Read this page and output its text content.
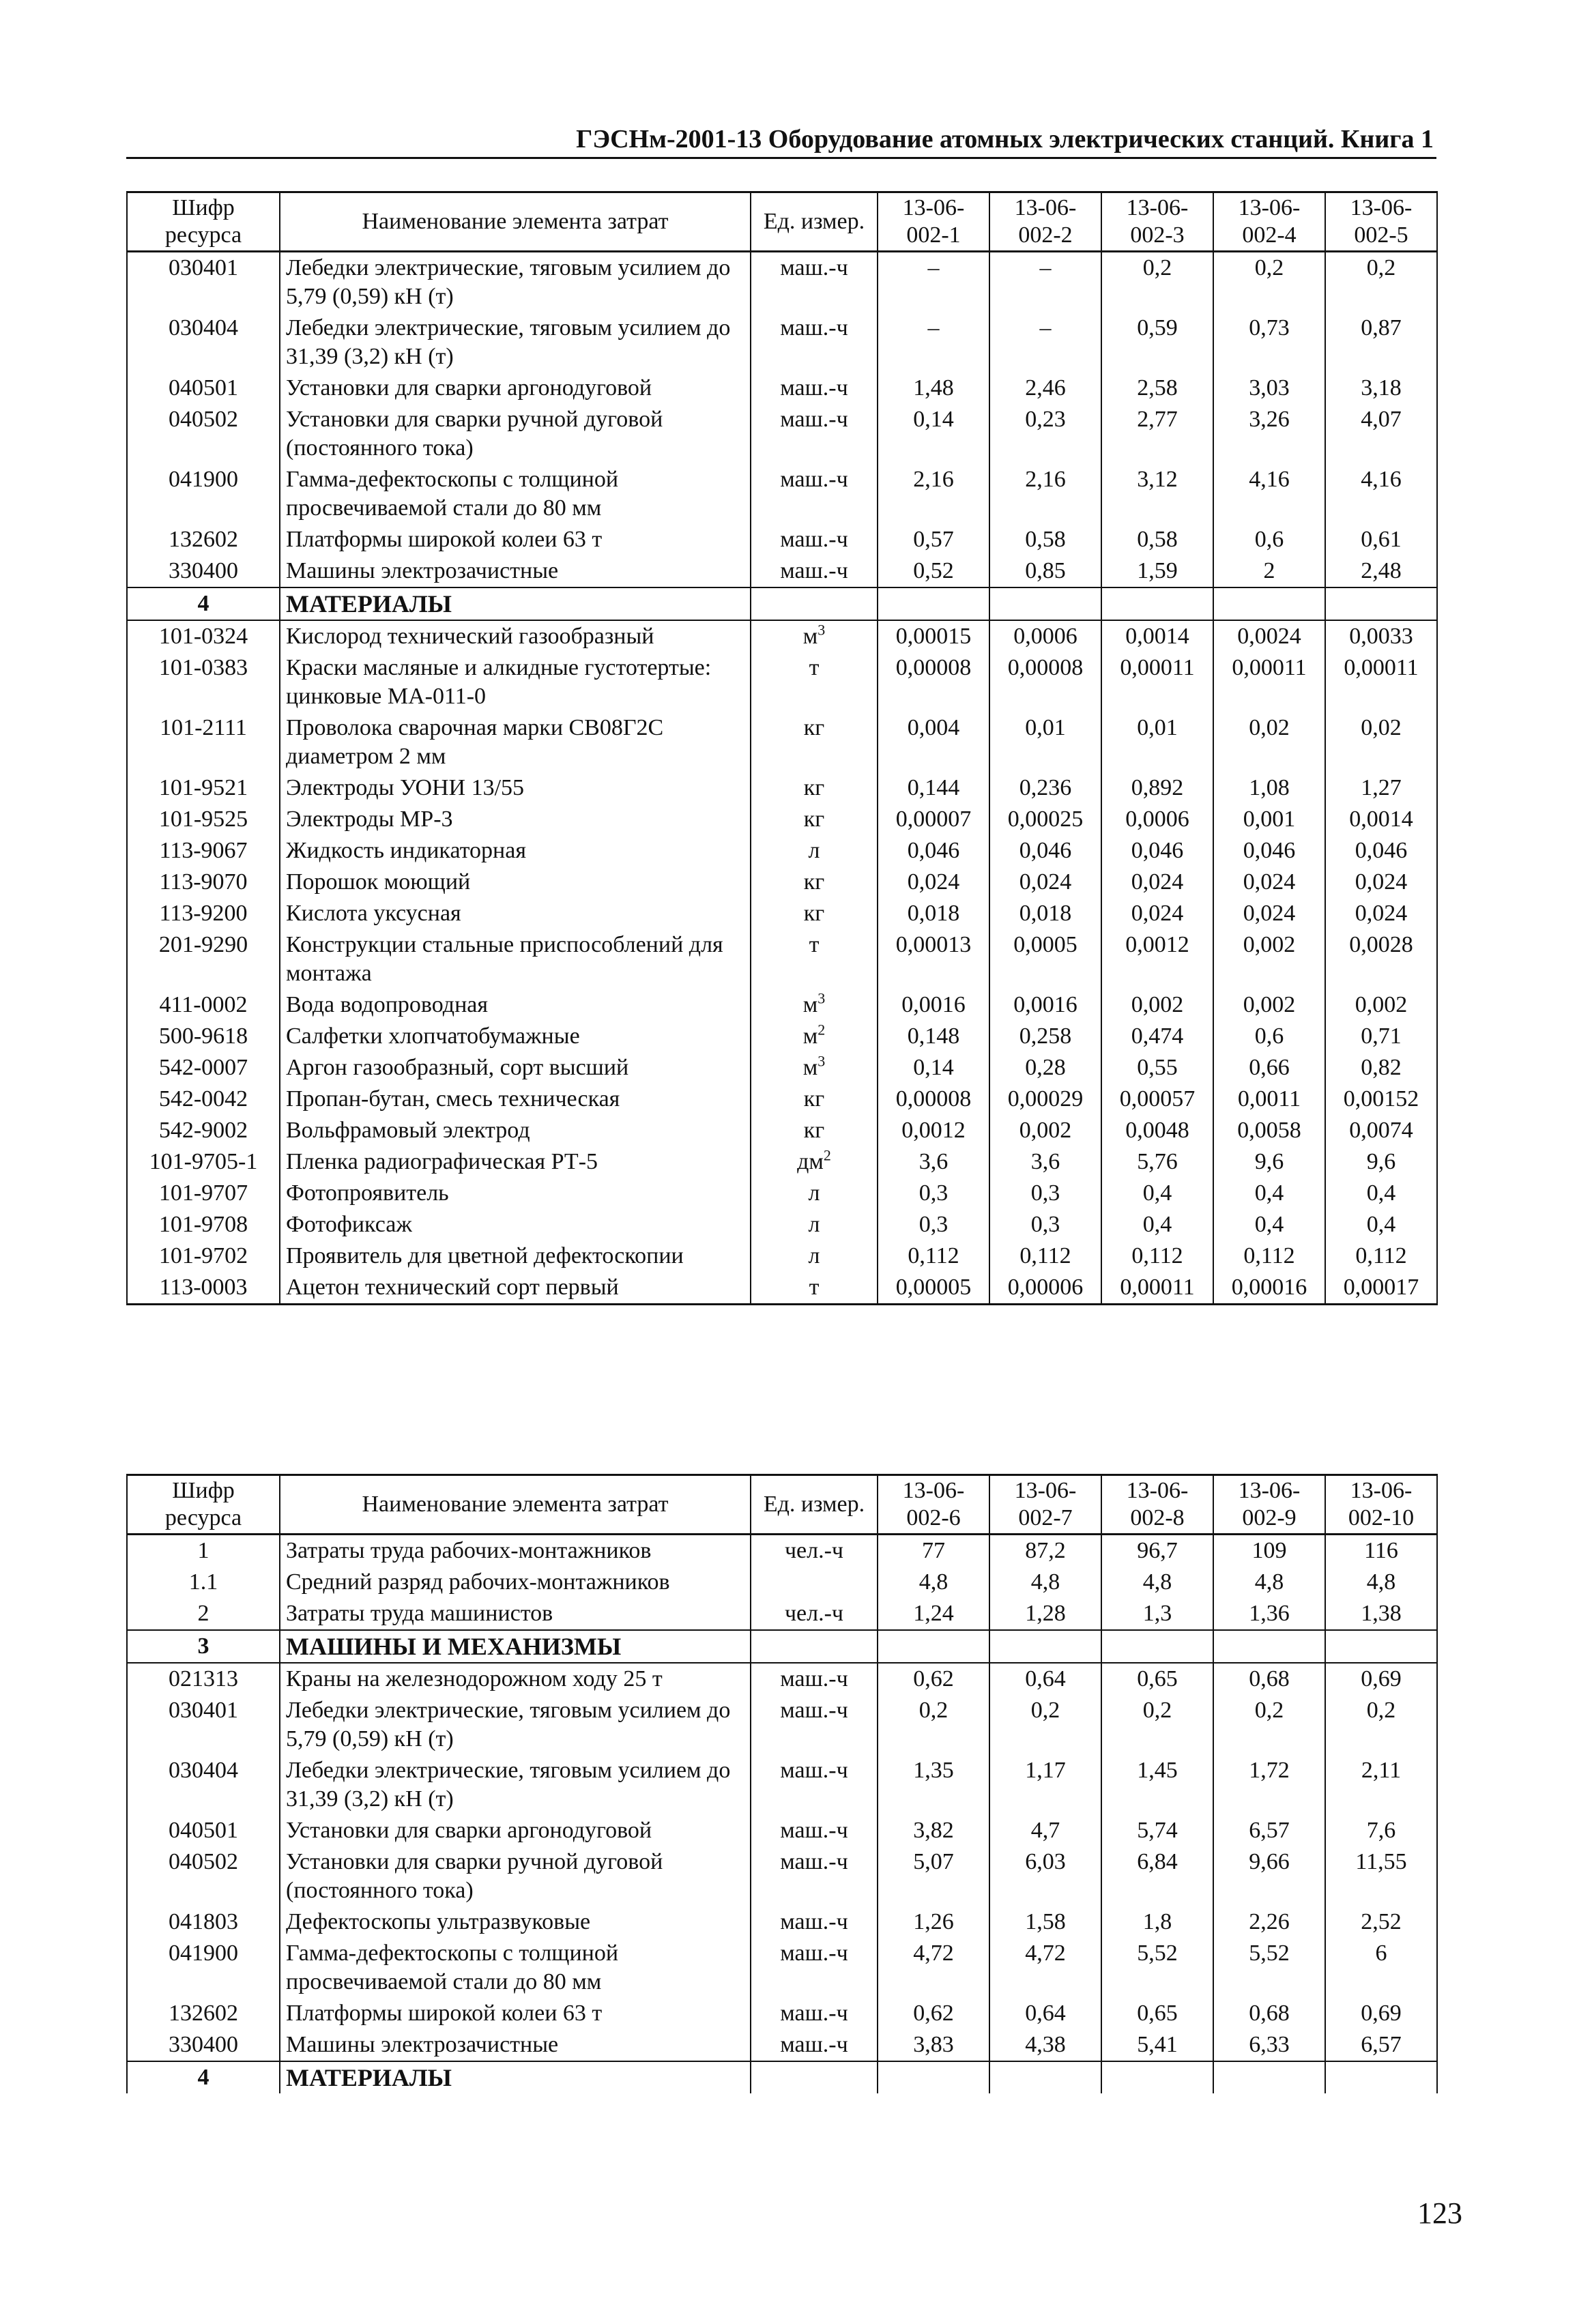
ГЭСНм-2001-13 Оборудование атомных электрических станций. Книга 1
Шифр ресурса	Наименование элемента затрат	Ед. измер.	13-06-002-1	13-06-002-2	13-06-002-3	13-06-002-4	13-06-002-5
030401	Лебедки электрические, тяговым усилием до 5,79 (0,59) кН (т)	маш.-ч	–	–	0,2	0,2	0,2
030404	Лебедки электрические, тяговым усилием до 31,39 (3,2) кН (т)	маш.-ч	–	–	0,59	0,73	0,87
040501	Установки для сварки аргонодуговой	маш.-ч	1,48	2,46	2,58	3,03	3,18
040502	Установки для сварки ручной дуговой (постоянного тока)	маш.-ч	0,14	0,23	2,77	3,26	4,07
041900	Гамма-дефектоскопы с толщиной просвечиваемой стали до 80 мм	маш.-ч	2,16	2,16	3,12	4,16	4,16
132602	Платформы широкой колеи 63 т	маш.-ч	0,57	0,58	0,58	0,6	0,61
330400	Машины электрозачистные	маш.-ч	0,52	0,85	1,59	2	2,48
4	МАТЕРИАЛЫ						
101-0324	Кислород технический газообразный	$м^3$	0,00015	0,0006	0,0014	0,0024	0,0033
101-0383	Краски масляные и алкидные густотертые: цинковые МА-011-0	т	0,00008	0,00008	0,00011	0,00011	0,00011
101-2111	Проволока сварочная марки СВ08Г2С диаметром 2 мм	кг	0,004	0,01	0,01	0,02	0,02
101-9521	Электроды УОНИ 13/55	кг	0,144	0,236	0,892	1,08	1,27
101-9525	Электроды МР-3	кг	0,00007	0,00025	0,0006	0,001	0,0014
113-9067	Жидкость индикаторная	л	0,046	0,046	0,046	0,046	0,046
113-9070	Порошок моющий	кг	0,024	0,024	0,024	0,024	0,024
113-9200	Кислота уксусная	кг	0,018	0,018	0,024	0,024	0,024
201-9290	Конструкции стальные приспособлений для монтажа	т	0,00013	0,0005	0,0012	0,002	0,0028
411-0002	Вода водопроводная	$м^3$	0,0016	0,0016	0,002	0,002	0,002
500-9618	Салфетки хлопчатобумажные	$м^2$	0,148	0,258	0,474	0,6	0,71
542-0007	Аргон газообразный, сорт высший	$м^3$	0,14	0,28	0,55	0,66	0,82
542-0042	Пропан-бутан, смесь техническая	кг	0,00008	0,00029	0,00057	0,0011	0,00152
542-9002	Вольфрамовый электрод	кг	0,0012	0,002	0,0048	0,0058	0,0074
101-9705-1	Пленка радиографическая РТ-5	$дм^2$	3,6	3,6	5,76	9,6	9,6
101-9707	Фотопроявитель	л	0,3	0,3	0,4	0,4	0,4
101-9708	Фотофиксаж	л	0,3	0,3	0,4	0,4	0,4
101-9702	Проявитель для цветной дефектоскопии	л	0,112	0,112	0,112	0,112	0,112
113-0003	Ацетон технический сорт первый	т	0,00005	0,00006	0,00011	0,00016	0,00017
Шифр ресурса	Наименование элемента затрат	Ед. измер.	13-06-002-6	13-06-002-7	13-06-002-8	13-06-002-9	13-06-002-10
1	Затраты труда рабочих-монтажников	чел.-ч	77	87,2	96,7	109	116
1.1	Средний разряд рабочих-монтажников		4,8	4,8	4,8	4,8	4,8
2	Затраты труда машинистов	чел.-ч	1,24	1,28	1,3	1,36	1,38
3	МАШИНЫ И МЕХАНИЗМЫ						
021313	Краны на железнодорожном ходу 25 т	маш.-ч	0,62	0,64	0,65	0,68	0,69
030401	Лебедки электрические, тяговым усилием до 5,79 (0,59) кН (т)	маш.-ч	0,2	0,2	0,2	0,2	0,2
030404	Лебедки электрические, тяговым усилием до 31,39 (3,2) кН (т)	маш.-ч	1,35	1,17	1,45	1,72	2,11
040501	Установки для сварки аргонодуговой	маш.-ч	3,82	4,7	5,74	6,57	7,6
040502	Установки для сварки ручной дуговой (постоянного тока)	маш.-ч	5,07	6,03	6,84	9,66	11,55
041803	Дефектоскопы ультразвуковые	маш.-ч	1,26	1,58	1,8	2,26	2,52
041900	Гамма-дефектоскопы с толщиной просвечиваемой стали до 80 мм	маш.-ч	4,72	4,72	5,52	5,52	6
132602	Платформы широкой колеи 63 т	маш.-ч	0,62	0,64	0,65	0,68	0,69
330400	Машины электрозачистные	маш.-ч	3,83	4,38	5,41	6,33	6,57
4	МАТЕРИАЛЫ						
123
